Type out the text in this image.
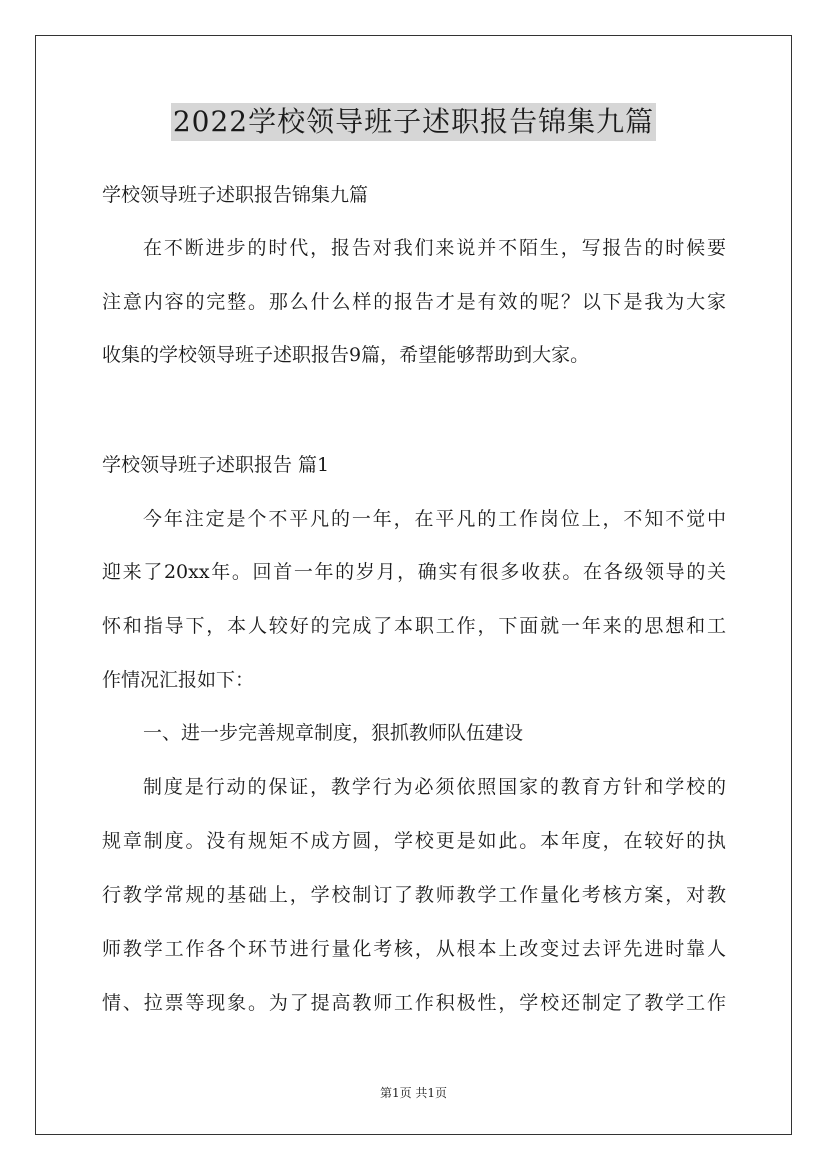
2022学校领导班子述职报告锦集九篇
学校领导班子述职报告锦集九篇
在不断进步的时代，报告对我们来说并不陌生，写报告的时候要
注意内容的完整。那么什么样的报告才是有效的呢？以下是我为大家
收集的学校领导班子述职报告9篇，希望能够帮助到大家。
学校领导班子述职报告 篇1
今年注定是个不平凡的一年，在平凡的工作岗位上，不知不觉中
迎来了20xx年。回首一年的岁月，确实有很多收获。在各级领导的关
怀和指导下，本人较好的完成了本职工作，下面就一年来的思想和工
作情况汇报如下：
一、进一步完善规章制度，狠抓教师队伍建设
制度是行动的保证，教学行为必须依照国家的教育方针和学校的
规章制度。没有规矩不成方圆，学校更是如此。本年度，在较好的执
行教学常规的基础上，学校制订了教师教学工作量化考核方案，对教
师教学工作各个环节进行量化考核，从根本上改变过去评先进时靠人
情、拉票等现象。为了提高教师工作积极性，学校还制定了教学工作
第1页 共1页
